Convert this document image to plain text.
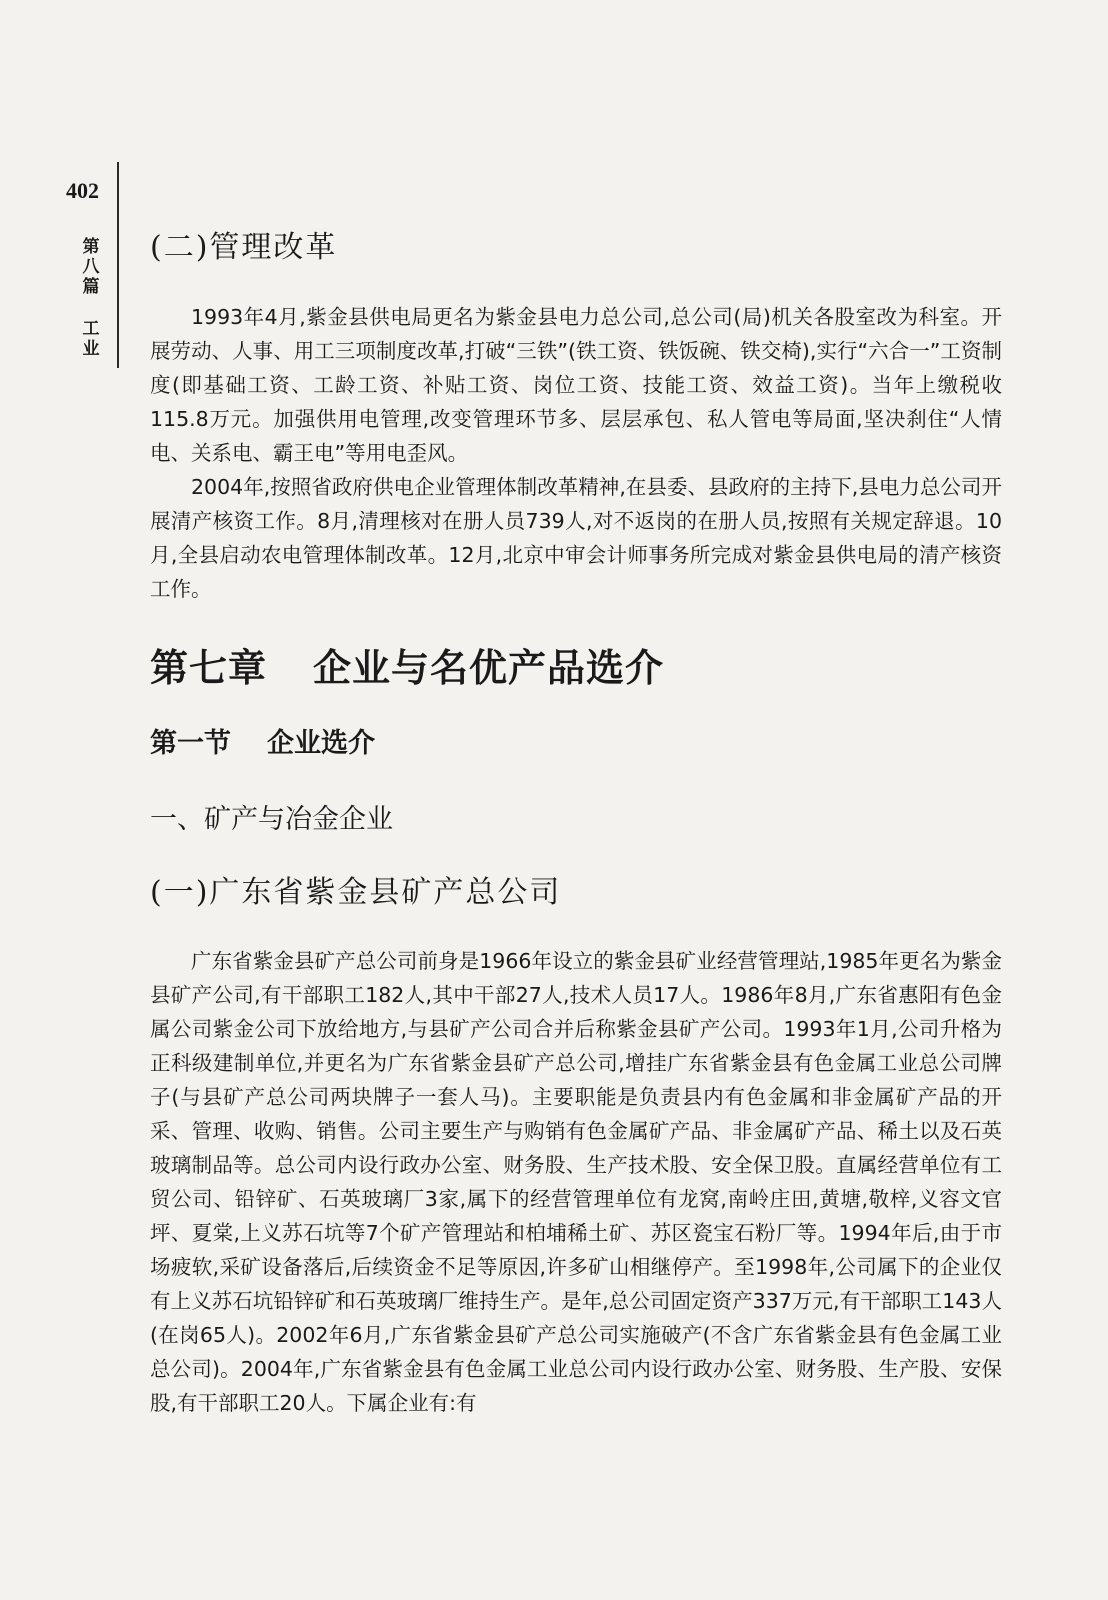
402
第
八
篇
工
业
(二)管理改革

1993年4月,紫金县供电局更名为紫金县电力总公司,总公司(局)机关各股室改为科室。开展劳动、人事、用工三项制度改革,打破“三铁”(铁工资、铁饭碗、铁交椅),实行“六合一”工资制度(即基础工资、工龄工资、补贴工资、岗位工资、技能工资、效益工资)。当年上缴税收115.8万元。加强供用电管理,改变管理环节多、层层承包、私人管电等局面,坚决刹住“人情电、关系电、霸王电”等用电歪风。

2004年,按照省政府供电企业管理体制改革精神,在县委、县政府的主持下,县电力总公司开展清产核资工作。8月,清理核对在册人员739人,对不返岗的在册人员,按照有关规定辞退。10月,全县启动农电管理体制改革。12月,北京中审会计师事务所完成对紫金县供电局的清产核资工作。

第七章 企业与名优产品选介
第一节 企业选介
一、矿产与冶金企业
(一)广东省紫金县矿产总公司

广东省紫金县矿产总公司前身是1966年设立的紫金县矿业经营管理站,1985年更名为紫金县矿产公司,有干部职工182人,其中干部27人,技术人员17人。1986年8月,广东省惠阳有色金属公司紫金公司下放给地方,与县矿产公司合并后称紫金县矿产公司。1993年1月,公司升格为正科级建制单位,并更名为广东省紫金县矿产总公司,增挂广东省紫金县有色金属工业总公司牌子(与县矿产总公司两块牌子一套人马)。主要职能是负责县内有色金属和非金属矿产品的开采、管理、收购、销售。公司主要生产与购销有色金属矿产品、非金属矿产品、稀土以及石英玻璃制品等。总公司内设行政办公室、财务股、生产技术股、安全保卫股。直属经营单位有工贸公司、铅锌矿、石英玻璃厂3家,属下的经营管理单位有龙窝,南岭庄田,黄塘,敬梓,义容文官坪、夏棠,上义苏石坑等7个矿产管理站和柏埔稀土矿、苏区瓷宝石粉厂等。1994年后,由于市场疲软,采矿设备落后,后续资金不足等原因,许多矿山相继停产。至1998年,公司属下的企业仅有上义苏石坑铅锌矿和石英玻璃厂维持生产。是年,总公司固定资产337万元,有干部职工143人(在岗65人)。2002年6月,广东省紫金县矿产总公司实施破产(不含广东省紫金县有色金属工业总公司)。2004年,广东省紫金县有色金属工业总公司内设行政办公室、财务股、生产股、安保股,有干部职工20人。下属企业有:有
